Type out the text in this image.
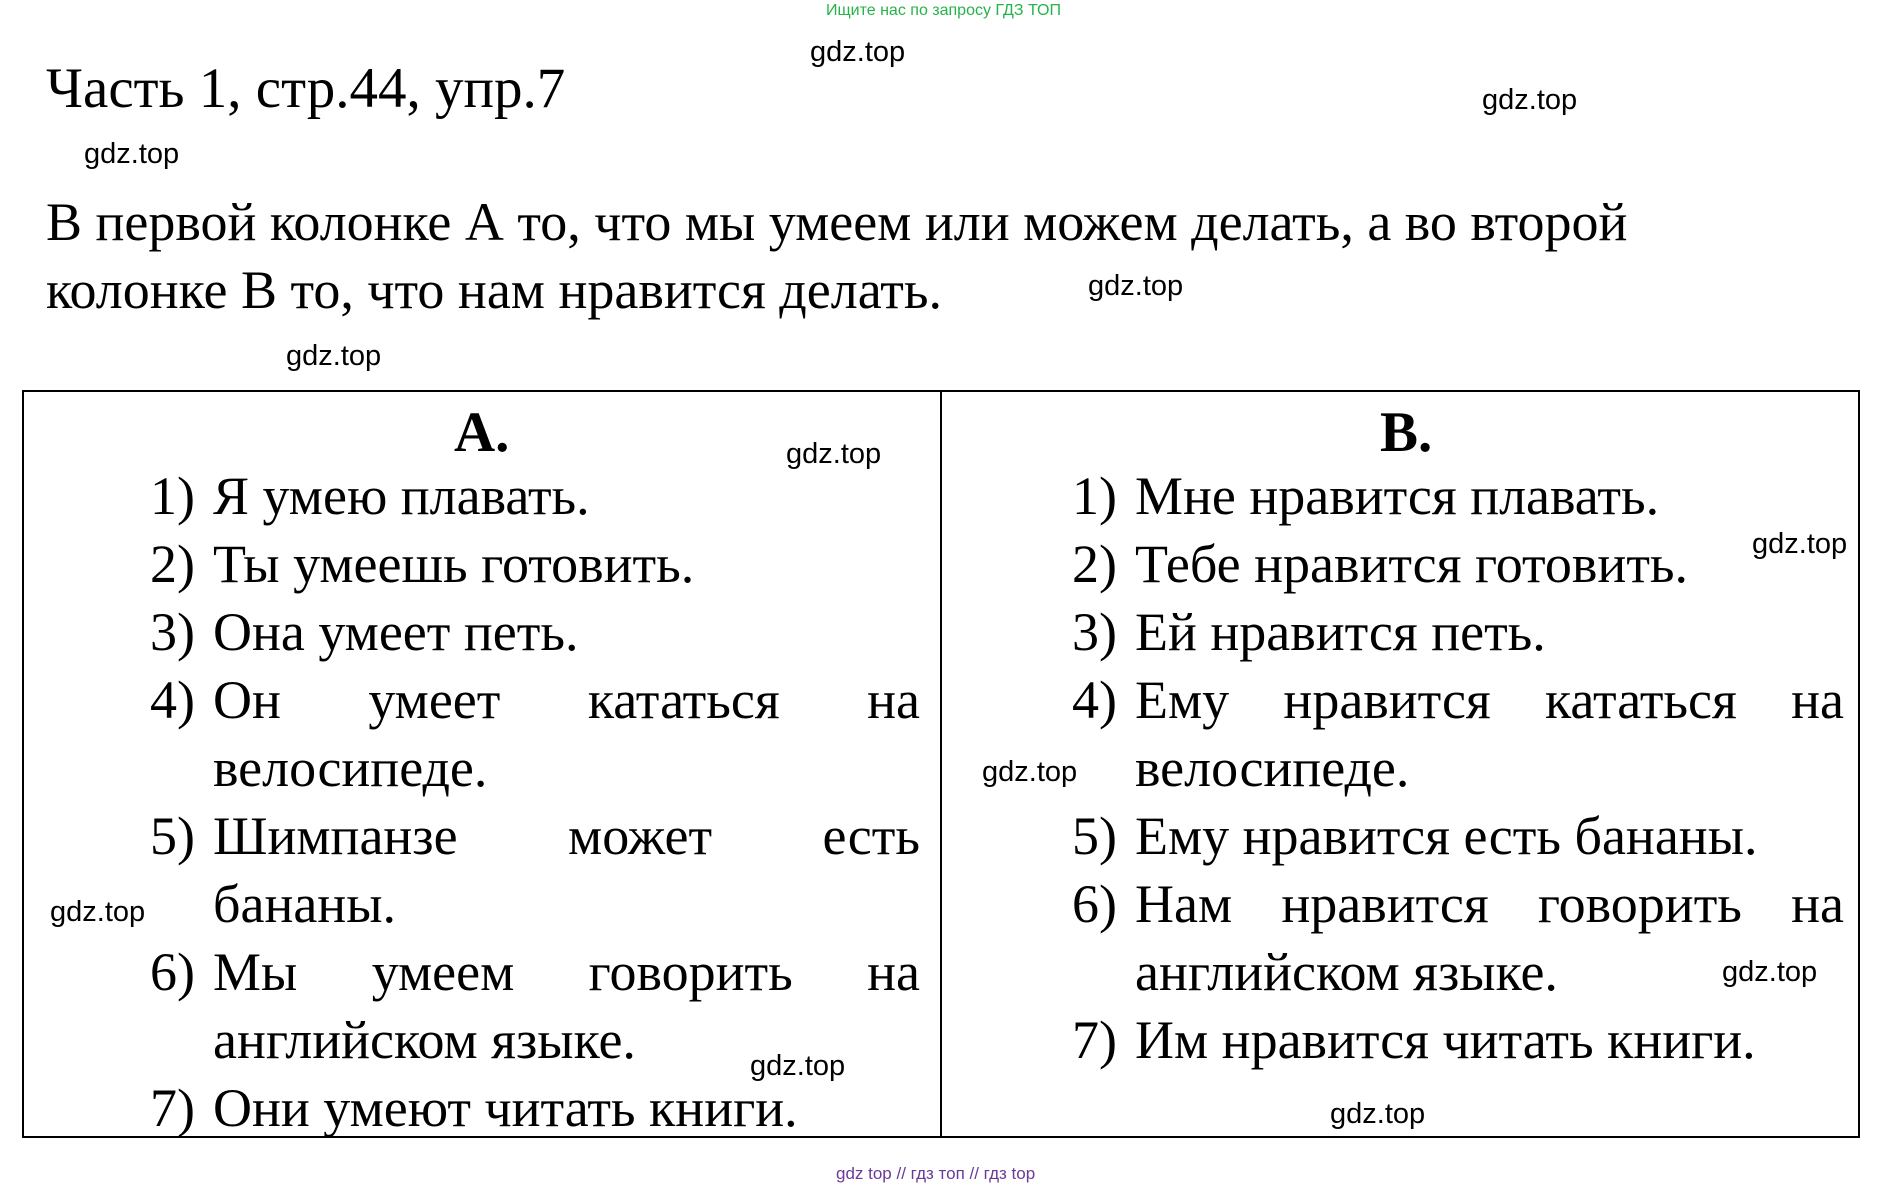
Ищите нас по запросу ГДЗ ТОП
Часть 1, стр.44, упр.7
В первой колонке А то, что мы умеем или можем делать, а во второй
колонке В то, что нам нравится делать.
gdz.top
gdz.top
gdz.top
gdz.top
gdz.top
gdz.top
gdz.top
gdz.top
gdz.top
gdz.top
gdz.top
gdz.top
А.	В.
1) Я умею плавать.
2) Ты умеешь готовить.
3) Она умеет петь.
4) Он умеет кататься на велосипеде.
5) Шимпанзе может есть бананы.
6) Мы умеем говорить на английском языке.
7) Они умеют читать книги.
1) Мне нравится плавать.
2) Тебе нравится готовить.
3) Ей нравится петь.
4) Ему нравится кататься на велосипеде.
5) Ему нравится есть бананы.
6) Нам нравится говорить на английском языке.
7) Им нравится читать книги.
gdz top // гдз топ // гдз top
